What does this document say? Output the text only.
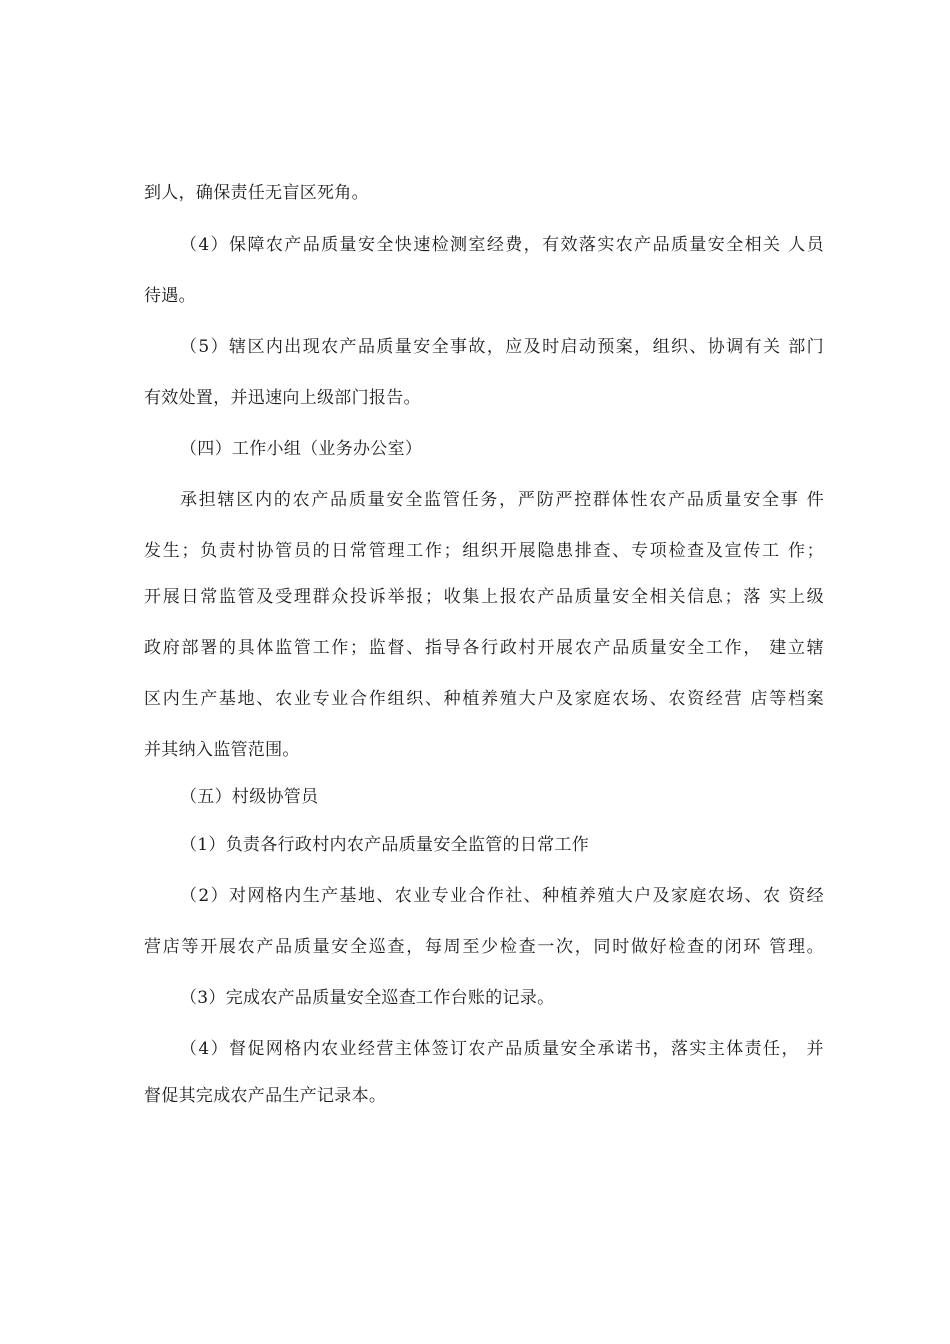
到人，确保责任无盲区死角。
（4）保障农产品质量安全快速检测室经费，有效落实农产品质量安全相关 人员
待遇。
（5）辖区内出现农产品质量安全事故，应及时启动预案，组织、协调有关 部门
有效处置，并迅速向上级部门报告。
（四）工作小组（业务办公室）
承担辖区内的农产品质量安全监管任务，严防严控群体性农产品质量安全事 件
发生；负责村协管员的日常管理工作；组织开展隐患排查、专项检查及宣传工 作；
开展日常监管及受理群众投诉举报；收集上报农产品质量安全相关信息；落 实上级
政府部署的具体监管工作；监督、指导各行政村开展农产品质量安全工作， 建立辖
区内生产基地、农业专业合作组织、种植养殖大户及家庭农场、农资经营 店等档案
并其纳入监管范围。
（五）村级协管员
（1）负责各行政村内农产品质量安全监管的日常工作
（2）对网格内生产基地、农业专业合作社、种植养殖大户及家庭农场、农 资经
营店等开展农产品质量安全巡查，每周至少检查一次，同时做好检查的闭环 管理。
（3）完成农产品质量安全巡查工作台账的记录。
（4）督促网格内农业经营主体签订农产品质量安全承诺书，落实主体责任， 并
督促其完成农产品生产记录本。
